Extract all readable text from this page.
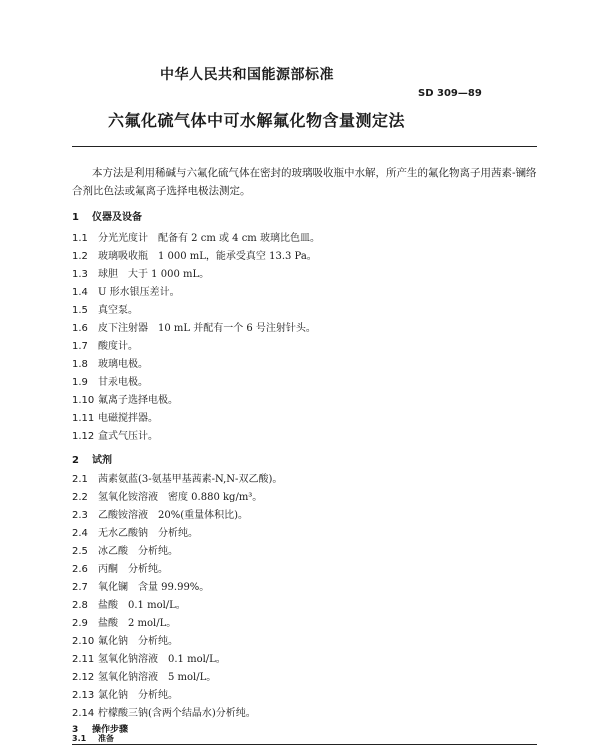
中华人民共和国能源部标准
SD 309—89
六氟化硫气体中可水解氟化物含量测定法
本方法是利用稀碱与六氟化硫气体在密封的玻璃吸收瓶中水解，所产生的氟化物离子用茜素-镧络合剂比色法或氟离子选择电极法测定。
1 仪器及设备
1.1 分光光度计　配备有 2 cm 或 4 cm 玻璃比色皿。
1.2 玻璃吸收瓶　1 000 mL，能承受真空 13.3 Pa。
1.3 球胆　大于 1 000 mL。
1.4 U 形水银压差计。
1.5 真空泵。
1.6 皮下注射器　10 mL 并配有一个 6 号注射针头。
1.7 酸度计。
1.8 玻璃电极。
1.9 甘汞电极。
1.10 氟离子选择电极。
1.11 电磁搅拌器。
1.12 盒式气压计。
2 试剂
2.1 茜素氨蓝(3-氨基甲基茜素-N,N-双乙酸)。
2.2 氢氧化铵溶液　密度 0.880 kg/m³。
2.3 乙酸铵溶液　20%(重量体积比)。
2.4 无水乙酸钠　分析纯。
2.5 冰乙酸　分析纯。
2.6 丙酮　分析纯。
2.7 氧化镧　含量 99.99%。
2.8 盐酸　0.1 mol/L。
2.9 盐酸　2 mol/L。
2.10 氟化钠　分析纯。
2.11 氢氧化钠溶液　0.1 mol/L。
2.12 氢氧化钠溶液　5 mol/L。
2.13 氯化钠　分析纯。
2.14 柠檬酸三钠(含两个结晶水)分析纯。
3 操作步骤
3.1 准备
